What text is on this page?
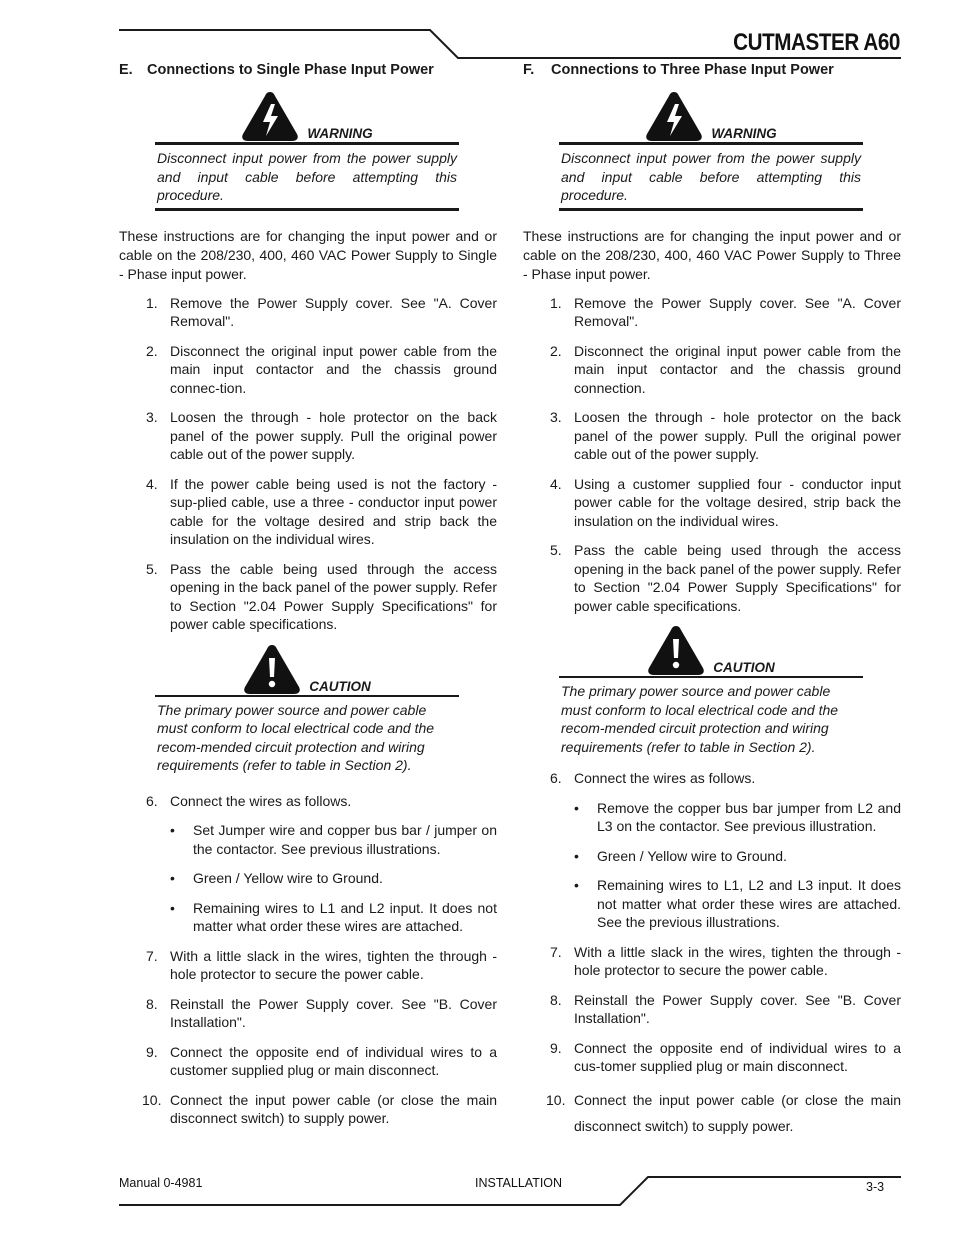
CUTMASTER A60
E. Connections to Single Phase Input Power
WARNING
Disconnect input power from the power supply and input cable before attempting this procedure.
These instructions are for changing the input power and or cable on the 208/230, 400, 460 VAC Power Supply to Single - Phase input power.
1. Remove the Power Supply cover. See "A. Cover Removal".
2. Disconnect the original input power cable from the main input contactor and the chassis ground connec-tion.
3. Loosen the through - hole protector on the back panel of the power supply. Pull the original power cable out of the power supply.
4. If the power cable being used is not the factory - sup-plied cable, use a three - conductor input power cable for the voltage desired and strip back the insulation on the individual wires.
5. Pass the cable being used through the access opening in the back panel of the power supply. Refer to Section "2.04 Power Supply Specifications" for power cable specifications.
CAUTION
The primary power source and power cable must conform to local electrical code and the recom-mended circuit protection and wiring requirements (refer to table in Section 2).
6. Connect the wires as follows.
• Set Jumper wire and copper bus bar / jumper on the contactor. See previous illustrations.
• Green / Yellow wire to Ground.
• Remaining wires to L1 and L2 input. It does not matter what order these wires are attached.
7. With a little slack in the wires, tighten the through - hole protector to secure the power cable.
8. Reinstall the Power Supply cover. See "B. Cover Installation".
9. Connect the opposite end of individual wires to a customer supplied plug or main disconnect.
10. Connect the input power cable (or close the main disconnect switch) to supply power.
F. Connections to Three Phase Input Power
WARNING
Disconnect input power from the power supply and input cable before attempting this procedure.
These instructions are for changing the input power and or cable on the 208/230, 400, 460 VAC Power Supply to Three - Phase input power.
1. Remove the Power Supply cover. See "A. Cover Removal".
2. Disconnect the original input power cable from the main input contactor and the chassis ground connection.
3. Loosen the through - hole protector on the back panel of the power supply. Pull the original power cable out of the power supply.
4. Using a customer supplied four - conductor input power cable for the voltage desired, strip back the insulation on the individual wires.
5. Pass the cable being used through the access opening in the back panel of the power supply. Refer to Section "2.04 Power Supply Specifications" for power cable specifications.
CAUTION
The primary power source and power cable must conform to local electrical code and the recom-mended circuit protection and wiring requirements (refer to table in Section 2).
6. Connect the wires as follows.
• Remove the copper bus bar jumper from L2 and L3 on the contactor. See previous illustration.
• Green / Yellow wire to Ground.
• Remaining wires to L1, L2 and L3 input. It does not matter what order these wires are attached. See the previous illustrations.
7. With a little slack in the wires, tighten the through - hole protector to secure the power cable.
8. Reinstall the Power Supply cover. See "B. Cover Installation".
9. Connect the opposite end of individual wires to a cus-tomer supplied plug or main disconnect.
10. Connect the input power cable (or close the main disconnect switch) to supply power.
Manual 0-4981	INSTALLATION	3-3
